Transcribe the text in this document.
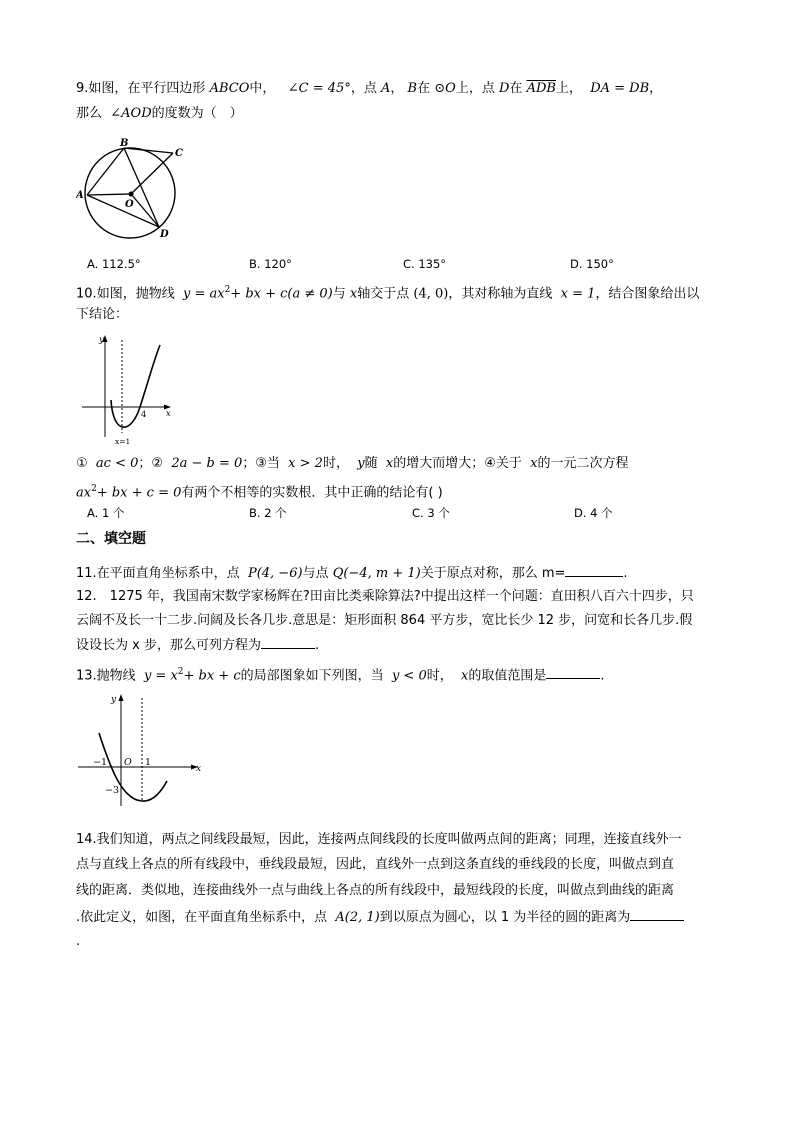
9.如图，在平行四边形 ABCO中， ∠C = 45°，点 A， B在 ⊙O上，点 D在 $\overline{ADB}$上， DA = DB，
那么 ∠AOD的度数为（　）
B
C
A
O
D
A. 112.5°	B. 120°	C. 135°	D. 150°
10.如图，抛物线 $y = ax^2+$ bx + c(a ≠ 0)与 x轴交于点 (4, 0)，其对称轴为直线 x = 1，结合图象给出以
下结论：
y
x
4
x=1
① ac < 0；② 2a − b = 0；③当 x > 2时， y随 x的增大而增大；④关于 x的一元二次方程
$ax^2+$ bx + c = 0有两个不相等的实数根．其中正确的结论有( )
A. 1 个	B. 2 个	C. 3 个	D. 4 个
二、填空题
11.在平面直角坐标系中，点 P(4, −6)与点 Q(−4, m + 1)关于原点对称，那么 m=	.
12.　1275 年，我国南宋数学家杨辉在?田亩比类乘除算法?中提出这样一个问题：直田积八百六十四步，只
云阔不及长一十二步.问阔及长各几步.意思是：矩形面积 864 平方步，宽比长少 12 步，问宽和长各几步.假
设设长为 x 步，那么可列方程为	.
13.抛物线 $y = x^2+$ bx + c的局部图象如下列图，当 y < 0时， x的取值范围是	.
y
x
−1 O 1
−3
14.我们知道，两点之间线段最短，因此，连接两点间线段的长度叫做两点间的距离；同理，连接直线外一
点与直线上各点的所有线段中，垂线段最短，因此，直线外一点到这条直线的垂线段的长度，叫做点到直
线的距离．类似地，连接曲线外一点与曲线上各点的所有线段中，最短线段的长度，叫做点到曲线的距离
.依此定义，如图，在平面直角坐标系中，点 A(2, 1)到以原点为圆心，以 1 为半径的圆的距离为
.
